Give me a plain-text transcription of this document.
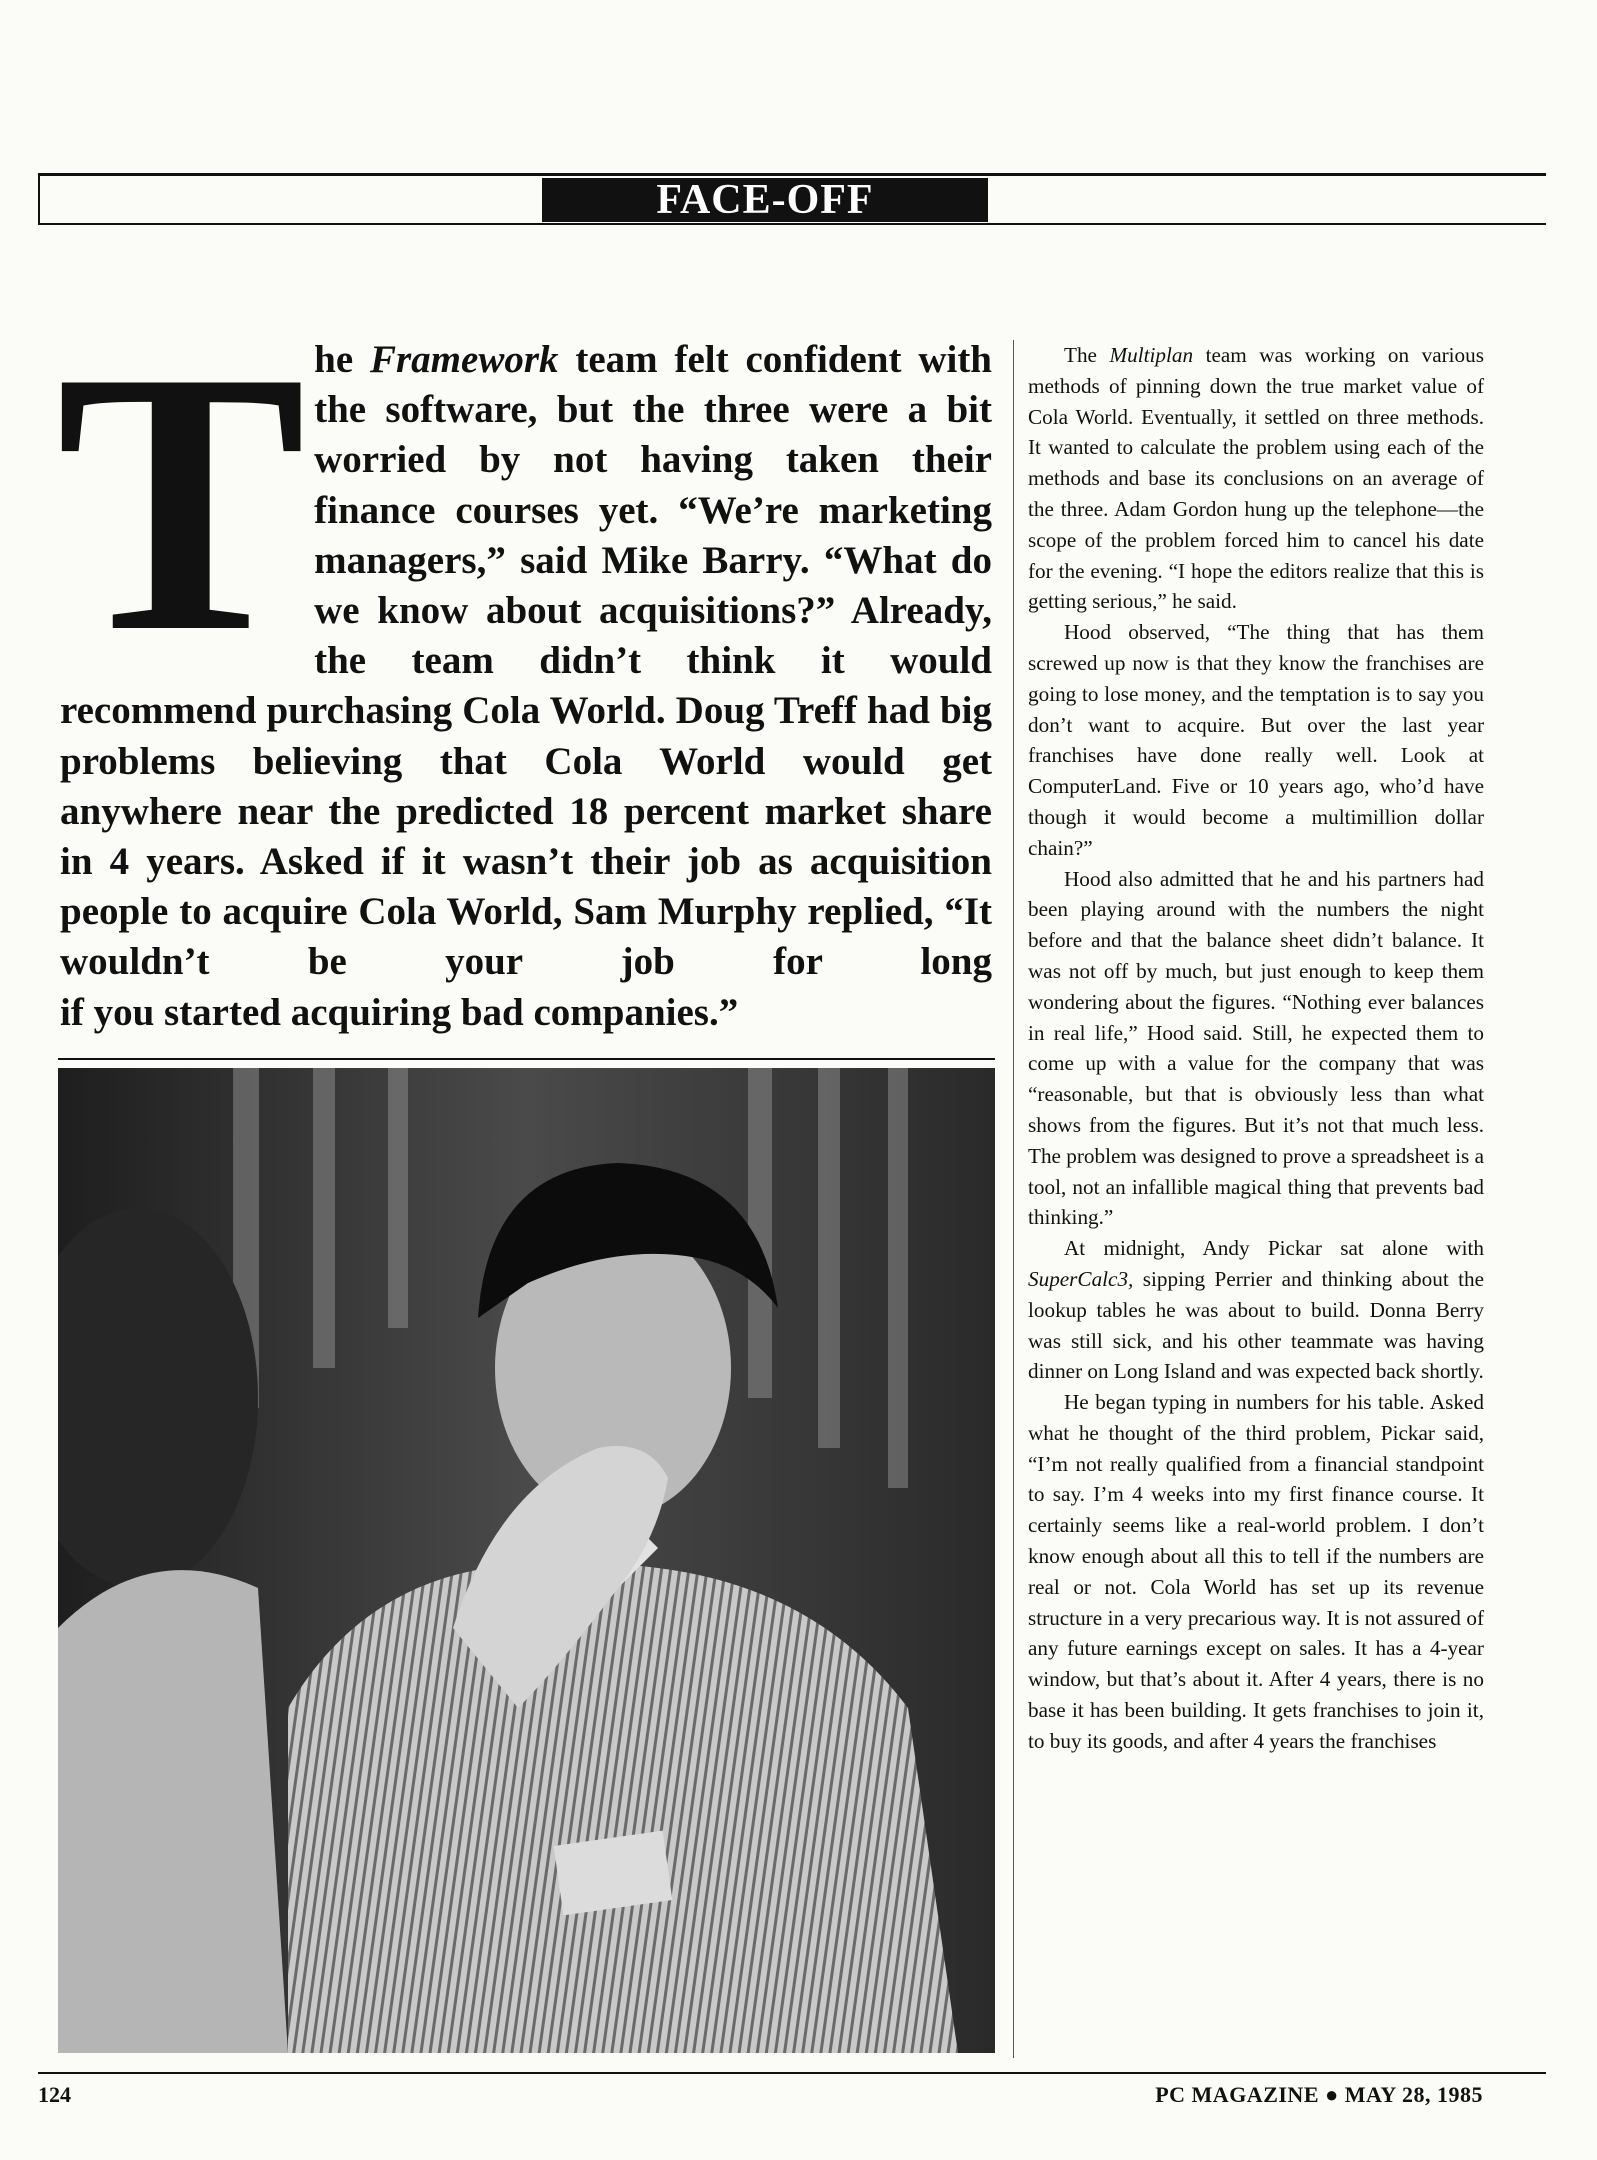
FACE-OFF
T he Framework team felt confident with the software, but the three were a bit worried by not having taken their finance courses yet. “We’re marketing managers,” said Mike Barry. “What do we know about acquisitions?” Already, the team didn’t think it would recommend purchasing Cola World. Doug Treff had big problems believing that Cola World would get anywhere near the predicted 18 percent market share in 4 years. Asked if it wasn’t their job as acquisition people to acquire Cola World, Sam Murphy replied, “It wouldn’t be your job for long
if you started acquiring bad companies.”

The Multiplan team was working on various methods of pinning down the true market value of Cola World. Eventually, it settled on three methods. It wanted to calculate the problem using each of the methods and base its conclusions on an average of the three. Adam Gordon hung up the telephone—the scope of the problem forced him to cancel his date for the evening. “I hope the editors realize that this is getting serious,” he said.

Hood observed, “The thing that has them screwed up now is that they know the franchises are going to lose money, and the temptation is to say you don’t want to acquire. But over the last year franchises have done really well. Look at ComputerLand. Five or 10 years ago, who’d have though it would become a multimillion dollar chain?”

Hood also admitted that he and his partners had been playing around with the numbers the night before and that the balance sheet didn’t balance. It was not off by much, but just enough to keep them wondering about the figures. “Nothing ever balances in real life,” Hood said. Still, he expected them to come up with a value for the company that was “reasonable, but that is obviously less than what shows from the figures. But it’s not that much less. The problem was designed to prove a spreadsheet is a tool, not an infallible magical thing that prevents bad thinking.”

At midnight, Andy Pickar sat alone with SuperCalc3, sipping Perrier and thinking about the lookup tables he was about to build. Donna Berry was still sick, and his other teammate was having dinner on Long Island and was expected back shortly.

He began typing in numbers for his table. Asked what he thought of the third problem, Pickar said, “I’m not really qualified from a financial standpoint to say. I’m 4 weeks into my first finance course. It certainly seems like a real-world problem. I don’t know enough about all this to tell if the numbers are real or not. Cola World has set up its revenue structure in a very precarious way. It is not assured of any future earnings except on sales. It has a 4-year window, but that’s about it. After 4 years, there is no base it has been building. It gets franchises to join it, to buy its goods, and after 4 years the franchises

124	PC MAGAZINE ● MAY 28, 1985
